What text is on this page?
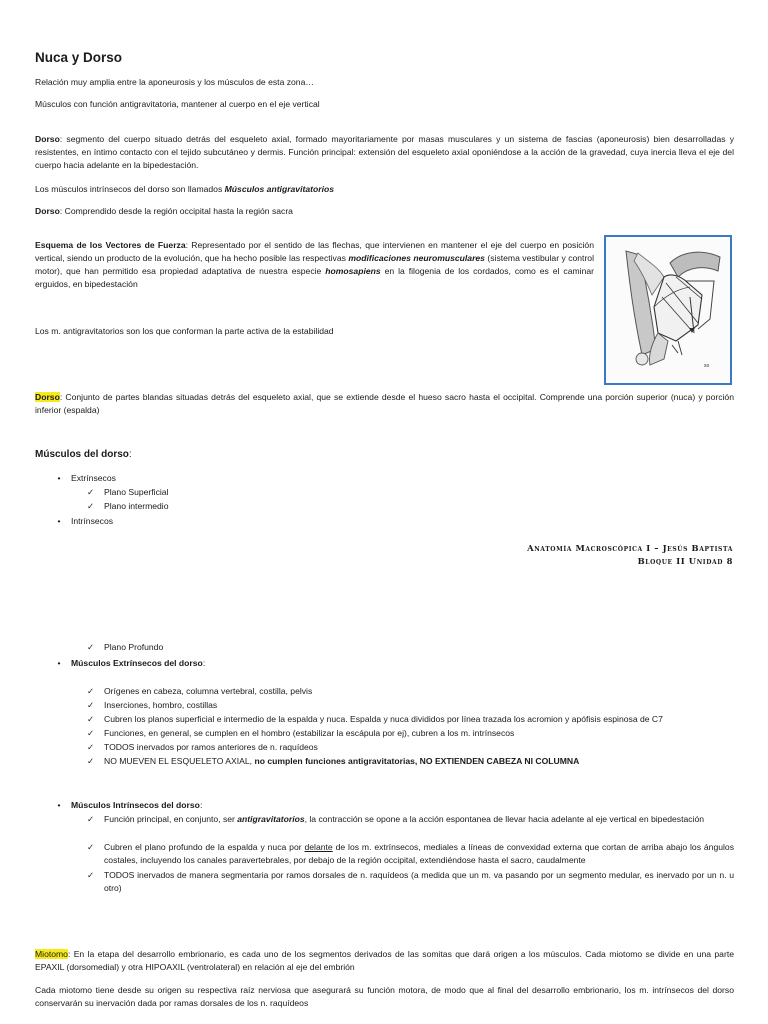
Nuca y Dorso
Relación muy amplia entre la aponeurosis y los músculos de esta zona…
Músculos con función antigravitatoria, mantener al cuerpo en el eje vertical
Dorso: segmento del cuerpo situado detrás del esqueleto axial, formado mayoritariamente por masas musculares y un sistema de fascias (aponeurosis) bien desarrolladas y resistentes, en íntimo contacto con el tejido subcutáneo y dermis. Función principal: extensión del esqueleto axial oponiéndose a la acción de la gravedad, cuya inercia lleva el eje del cuerpo hacia adelante en la bipedestación.
Los músculos intrínsecos del dorso son llamados Músculos antigravitatorios
Dorso: Comprendido desde la región occipital hasta la región sacra
Esquema de los Vectores de Fuerza: Representado por el sentido de las flechas, que intervienen en mantener el eje del cuerpo en posición vertical, siendo un producto de la evolución, que ha hecho posible las respectivas modificaciones neuromusculares (sistema vestibular y control motor), que han permitido esa propiedad adaptativa de nuestra especie homosapiens en la filogenia de los cordados, como es el caminar erguidos, en bipedestación
Los m. antigravitatorios son los que conforman la parte activa de la estabilidad
so
Dorso: Conjunto de partes blandas situadas detrás del esqueleto axial, que se extiende desde el hueso sacro hasta el occipital. Comprende una porción superior (nuca) y porción inferior (espalda)
Músculos del dorso:
• Extrínsecos
✓	Plano Superficial
✓	Plano intermedio
• Intrínsecos
Anatomía Macroscópica I – Jesús Baptista
Bloque II Unidad 8
✓	Plano Profundo
• Músculos Extrínsecos del dorso:
✓	Orígenes en cabeza, columna vertebral, costilla, pelvis
✓	Inserciones, hombro, costillas
✓	Cubren los planos superficial e intermedio de la espalda y nuca. Espalda y nuca divididos por línea trazada los acromion y apófisis espinosa de C7
✓	Funciones, en general, se cumplen en el hombro (estabilizar la escápula por ej), cubren a los m. intrínsecos
✓	TODOS inervados por ramos anteriores de n. raquídeos
✓	NO MUEVEN EL ESQUELETO AXIAL, no cumplen funciones antigravitatorias, NO EXTIENDEN CABEZA NI COLUMNA
• Músculos Intrínsecos del dorso:
✓	Función principal, en conjunto, ser antigravitatorios, la contracción se opone a la acción espontanea de llevar hacia adelante al eje vertical en bipedestación
✓	Cubren el plano profundo de la espalda y nuca por delante de los m. extrínsecos, mediales a líneas de convexidad externa que cortan de arriba abajo los ángulos costales, incluyendo los canales paravertebrales, por debajo de la región occipital, extendiéndose hasta el sacro, caudalmente
✓	TODOS inervados de manera segmentaria por ramos dorsales de n. raquídeos (a medida que un m. va pasando por un segmento medular, es inervado por un n. u otro)
Miotomo: En la etapa del desarrollo embrionario, es cada uno de los segmentos derivados de las somitas que dará origen a los músculos. Cada miotomo se divide en una parte EPAXIL (dorsomedial) y otra HIPOAXIL (ventrolateral) en relación al eje del embrión
Cada miotomo tiene desde su origen su respectiva raíz nerviosa que asegurará su función motora, de modo que al final del desarrollo embrionario, los m. intrínsecos del dorso conservarán su inervación dada por ramas dorsales de los n. raquídeos
